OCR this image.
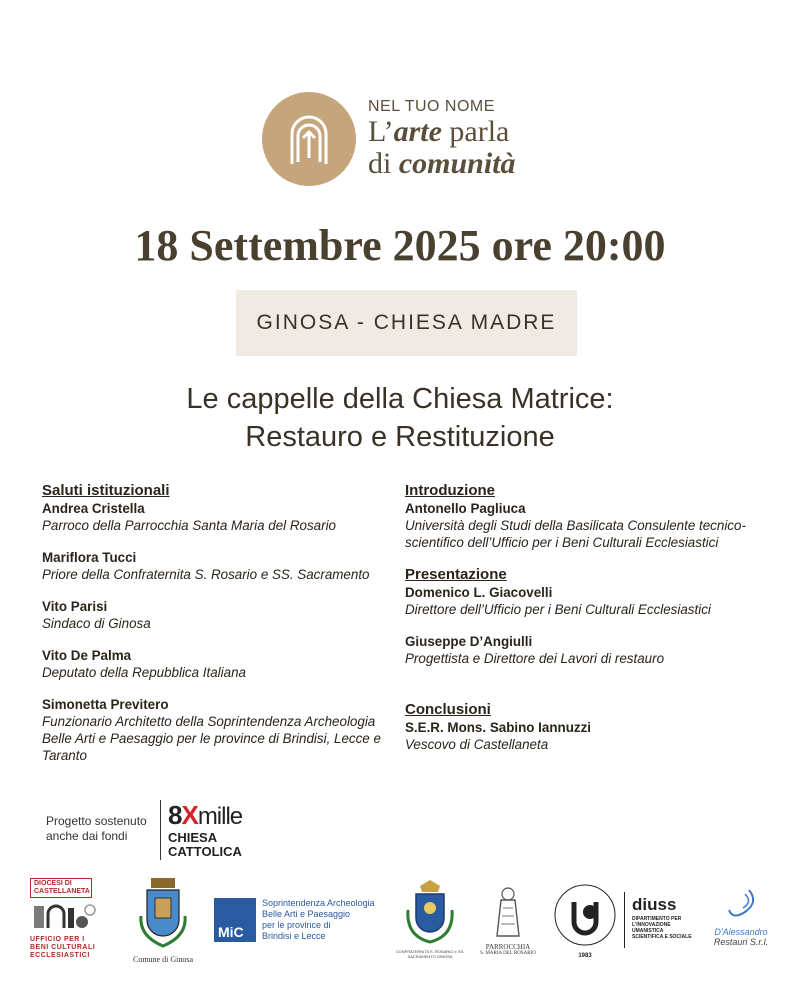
NEL TUO NOME
L’arte parla
di comunità
18 Settembre 2025 ore 20:00
GINOSA - CHIESA MADRE
Le cappelle della Chiesa Matrice:
Restauro e Restituzione
Saluti istituzionali
Andrea Cristella
Parroco della Parrocchia Santa Maria del Rosario
Mariflora Tucci
Priore della Confraternita S. Rosario e SS. Sacramento
Vito Parisi
Sindaco di Ginosa
Vito De Palma
Deputato della Repubblica Italiana
Simonetta Previtero
Funzionario Architetto della Soprintendenza Archeologia Belle Arti e Paesaggio per le province di Brindisi, Lecce e Taranto
Introduzione
Antonello Pagliuca
Università degli Studi della Basilicata Consulente tecnico-scientifico dell’Ufficio per i Beni Culturali Ecclesiastici
Presentazione
Domenico L. Giacovelli
Direttore dell’Ufficio per i Beni Culturali Ecclesiastici
Giuseppe D’Angiulli
Progettista e Direttore dei Lavori di restauro
Conclusioni
S.E.R. Mons. Sabino Iannuzzi
Vescovo di Castellaneta
Progetto sostenuto
anche dai fondi
8Xmille
CHIESA
CATTOLICA
DIOCESI DI
CASTELLANETA
UFFICIO PER I
BENI CULTURALI
ECCLESIASTICI	Comune di Ginosa
MiC
Soprintendenza Archeologia
Belle Arti e Paesaggio
per le province di
Brindisi e Lecce
CONFRATERNITA S. ROSARIO e SS. SACRAMENTO GINOSA
PARROCCHIA
S. MARIA DEL ROSARIO	1983
diuss
DIPARTIMENTO PER
L'INNOVAZIONE
UMANISTICA
SCIENTIFICA E SOCIALE	D'Alessandro
Restauri S.r.l.
